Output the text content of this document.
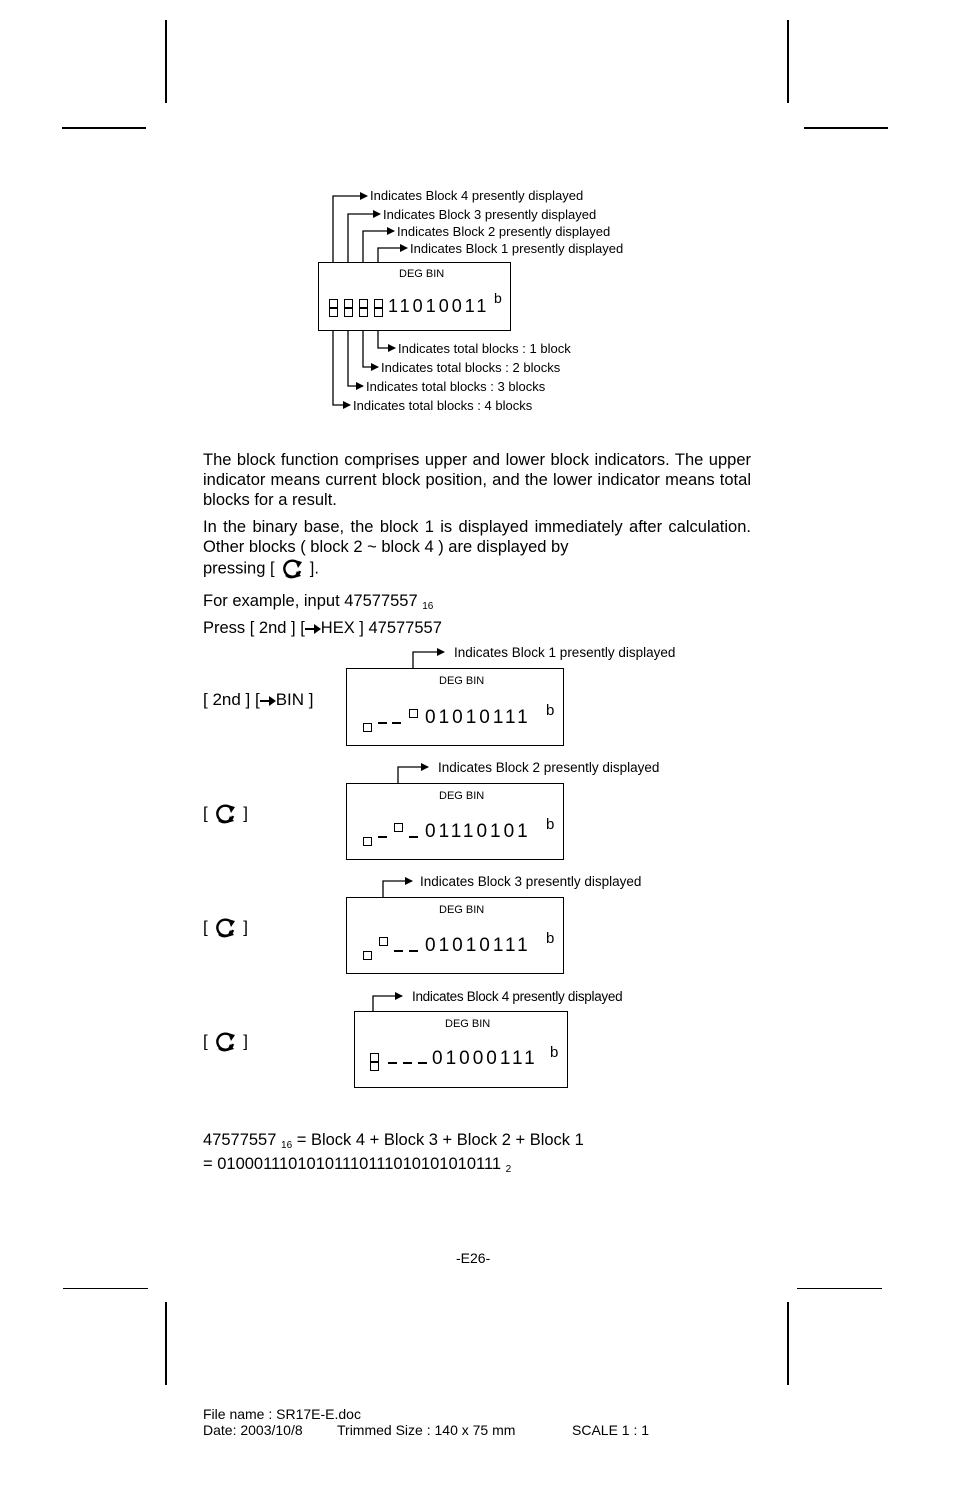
Indicates Block 4 presently displayed
Indicates Block 3 presently displayed
Indicates Block 2 presently displayed
Indicates Block 1 presently displayed
DEG BIN
11010011 b
Indicates total blocks : 1 block
Indicates total blocks : 2 blocks
Indicates total blocks : 3 blocks
Indicates total blocks : 4 blocks
The block function comprises upper and lower block indicators. The upper indicator means current block position, and the lower indicator means total blocks for a result.
In the binary base, the block 1 is displayed immediately after calculation. Other blocks ( block 2 ~ block 4 ) are displayed by
pressing [ ].
For example, input 47577557 $_{16}$
Press [ 2nd ] [ HEX ] 47577557
Indicates Block 1 presently displayed
[ 2nd ] [ BIN ]
DEG BIN
01010111 b
Indicates Block 2 presently displayed
[ ]
DEG BIN
01110101 b
Indicates Block 3 presently displayed
[ ]
DEG BIN
01010111 b
Indicates Block 4 presently displayed
[ ]
DEG BIN
01000111 b
47577557 $_{16}$ = Block 4 + Block 3 + Block 2 + Block 1
= 01000111010101110111010101010111 $_2$
-E26-
File name : SR17E-E.doc
Date: 2003/10/8 Trimmed Size : 140 x 75 mm	SCALE 1 : 1
